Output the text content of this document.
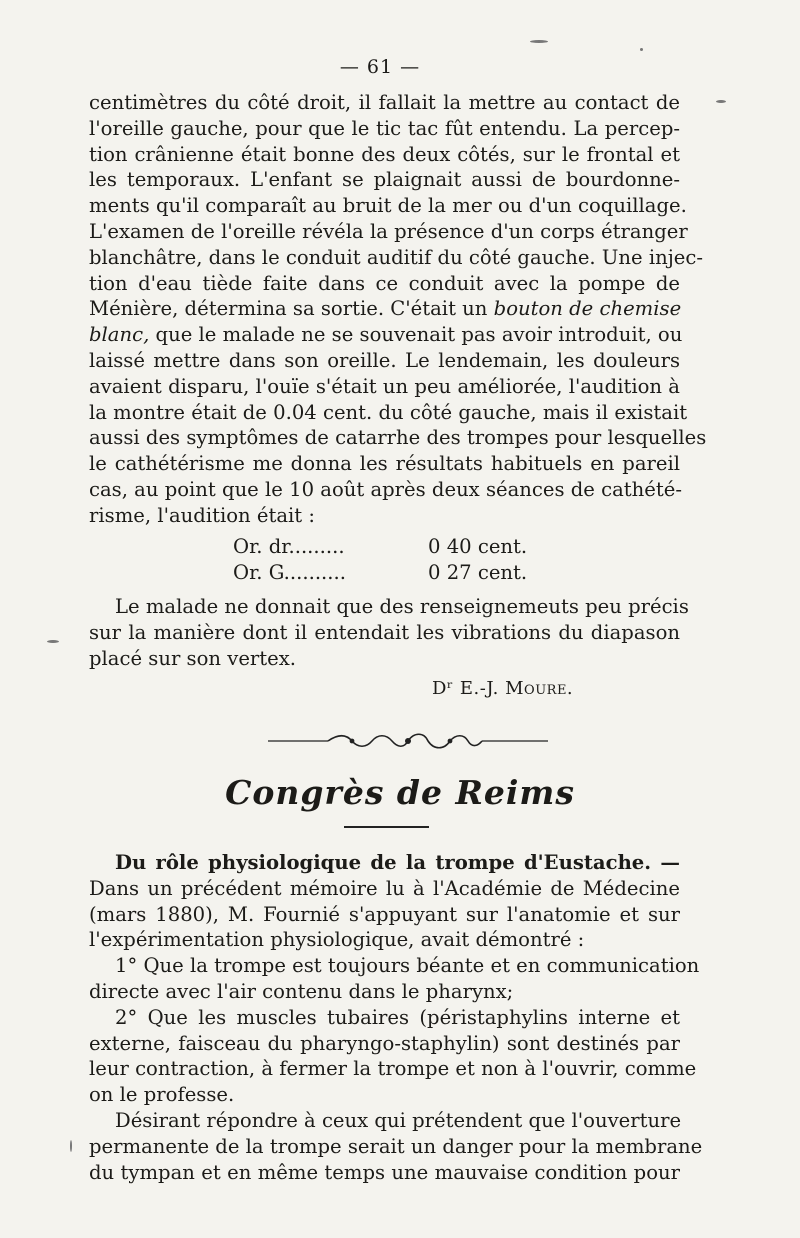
— 61 —

centimètres du côté droit, il fallait la mettre au contact de
l'oreille gauche, pour que le tic tac fût entendu. La percep-
tion crânienne était bonne des deux côtés, sur le frontal et
les temporaux. L'enfant se plaignait aussi de bourdonne-
ments qu'il comparaît au bruit de la mer ou d'un coquillage.
L'examen de l'oreille révéla la présence d'un corps étranger
blanchâtre, dans le conduit auditif du côté gauche. Une injec-
tion d'eau tiède faite dans ce conduit avec la pompe de
Ménière, détermina sa sortie. C'était un bouton de chemise
blanc, que le malade ne se souvenait pas avoir introduit, ou
laissé mettre dans son oreille. Le lendemain, les douleurs
avaient disparu, l'ouïe s'était un peu améliorée, l'audition à
la montre était de 0.04 cent. du côté gauche, mais il existait
aussi des symptômes de catarrhe des trompes pour lesquelles
le cathétérisme me donna les résultats habituels en pareil
cas, au point que le 10 août après deux séances de cathété-
risme, l'audition était :

Or. dr.........	0 40 cent.
Or. G..........	0 27 cent.

Le malade ne donnait que des renseignemeuts peu précis
sur la manière dont il entendait les vibrations du diapason
placé sur son vertex.

Dʳ E.-J. Moure.
Congrès de Reims

Du rôle physiologique de la trompe d'Eustache. —
Dans un précédent mémoire lu à l'Académie de Médecine
(mars 1880), M. Fournié s'appuyant sur l'anatomie et sur
l'expérimentation physiologique, avait démontré :
1° Que la trompe est toujours béante et en communication
directe avec l'air contenu dans le pharynx;
2° Que les muscles tubaires (péristaphylins interne et
externe, faisceau du pharyngo-staphylin) sont destinés par
leur contraction, à fermer la trompe et non à l'ouvrir, comme
on le professe.
Désirant répondre à ceux qui prétendent que l'ouverture
permanente de la trompe serait un danger pour la membrane
du tympan et en même temps une mauvaise condition pour
